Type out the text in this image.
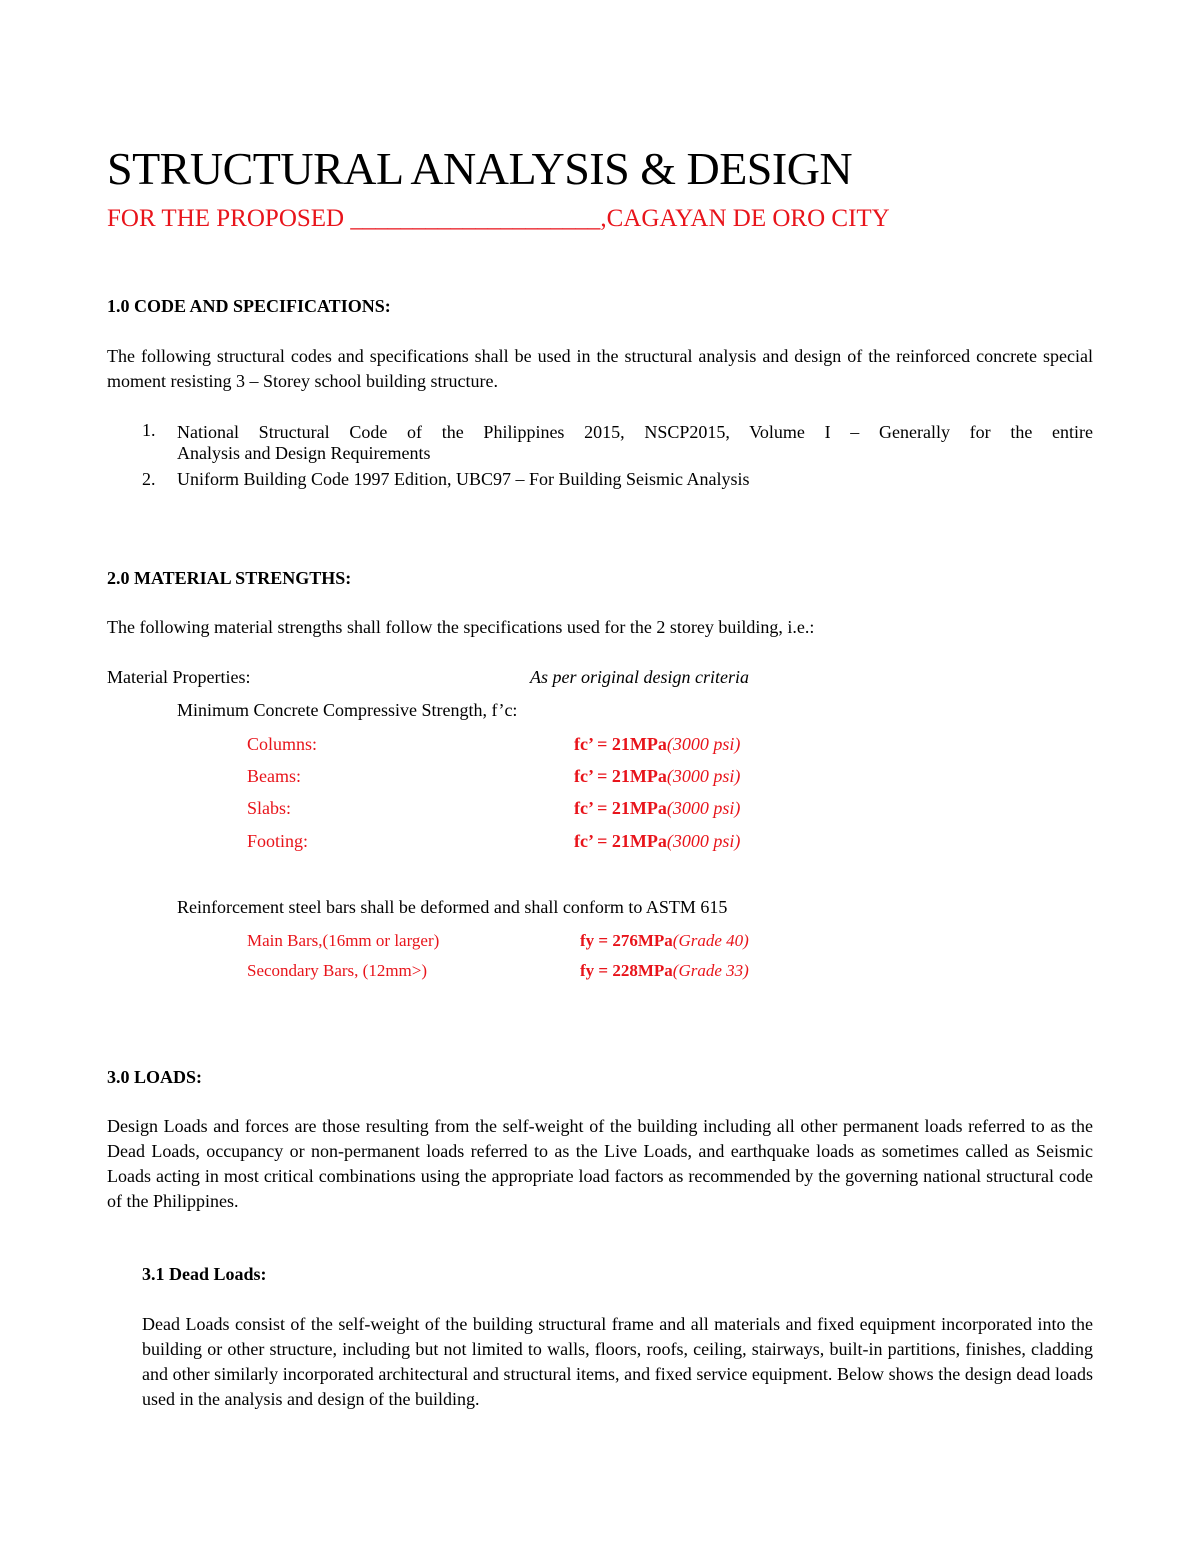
STRUCTURAL ANALYSIS & DESIGN
FOR THE PROPOSED ____________________,CAGAYAN DE ORO CITY
1.0 CODE AND SPECIFICATIONS:
The following structural codes and specifications shall be used in the structural analysis and design of the reinforced concrete special moment resisting 3 – Storey school building structure.
1. National Structural Code of the Philippines 2015, NSCP2015, Volume I – Generally for the entire
Analysis and Design Requirements
2. Uniform Building Code 1997 Edition, UBC97 – For Building Seismic Analysis
2.0 MATERIAL STRENGTHS:
The following material strengths shall follow the specifications used for the 2 storey building, i.e.:
Material Properties:	As per original design criteria
Minimum Concrete Compressive Strength, f’c:
Columns:	fc’ = 21MPa(3000 psi)
Beams:	fc’ = 21MPa(3000 psi)
Slabs:	fc’ = 21MPa(3000 psi)
Footing:	fc’ = 21MPa(3000 psi)
Reinforcement steel bars shall be deformed and shall conform to ASTM 615
Main Bars,(16mm or larger)	fy = 276MPa(Grade 40)
Secondary Bars, (12mm>)	fy = 228MPa(Grade 33)
3.0 LOADS:
Design Loads and forces are those resulting from the self-weight of the building including all other permanent loads referred to as the Dead Loads, occupancy or non-permanent loads referred to as the Live Loads, and earthquake loads as sometimes called as Seismic Loads acting in most critical combinations using the appropriate load factors as recommended by the governing national structural code of the Philippines.
3.1 Dead Loads:
Dead Loads consist of the self-weight of the building structural frame and all materials and fixed equipment incorporated into the building or other structure, including but not limited to walls, floors, roofs, ceiling, stairways, built-in partitions, finishes, cladding and other similarly incorporated architectural and structural items, and fixed service equipment. Below shows the design dead loads used in the analysis and design of the building.
